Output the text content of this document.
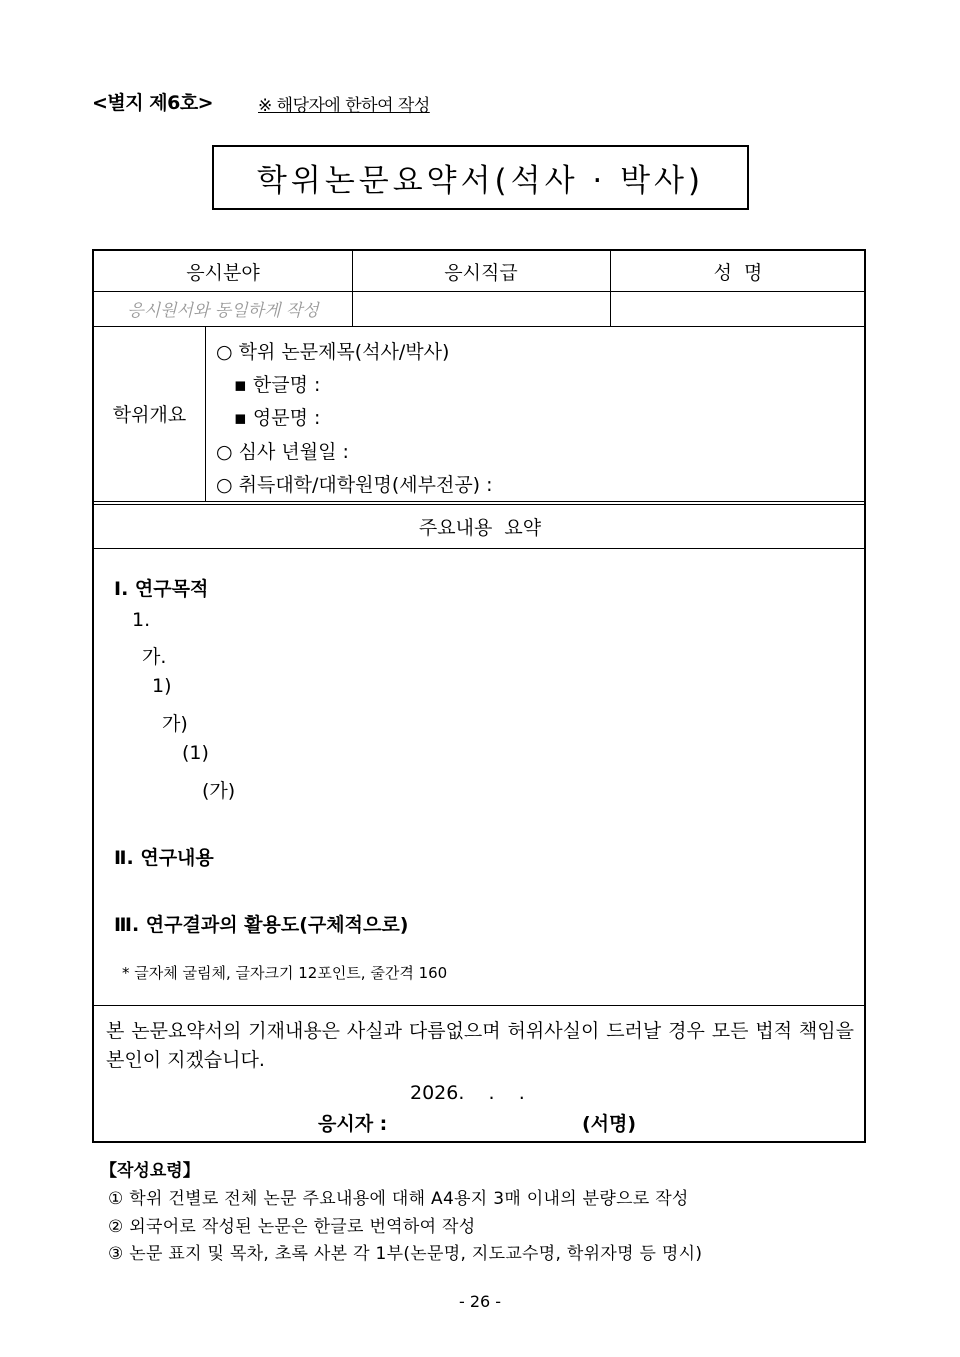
<별지 제6호>	※ 해당자에 한하여 작성
학위논문요약서(석사 · 박사)
응시분야	응시직급	성  명
응시원서와 동일하게 작성
학위개요
○ 학위 논문제목(석사/박사)
▪ 한글명 :
▪ 영문명 :
○ 심사 년월일 :
○ 취득대학/대학원명(세부전공) :
주요내용  요약
Ⅰ. 연구목적
1.
가.
1)
가)
(1)
(가)
Ⅱ. 연구내용
Ⅲ. 연구결과의 활용도(구체적으로)
* 글자체 굴림체, 글자크기 12포인트, 줄간격 160
본 논문요약서의 기재내용은 사실과 다름없으며 허위사실이 드러날 경우 모든 법적 책임을 본인이 지겠습니다.
2026.    .    .
응시자 :	(서명)
【작성요령】
① 학위 건별로 전체 논문 주요내용에 대해 A4용지 3매 이내의 분량으로 작성
② 외국어로 작성된 논문은 한글로 번역하여 작성
③ 논문 표지 및 목차, 초록 사본 각 1부(논문명, 지도교수명, 학위자명 등 명시)
- 26 -
